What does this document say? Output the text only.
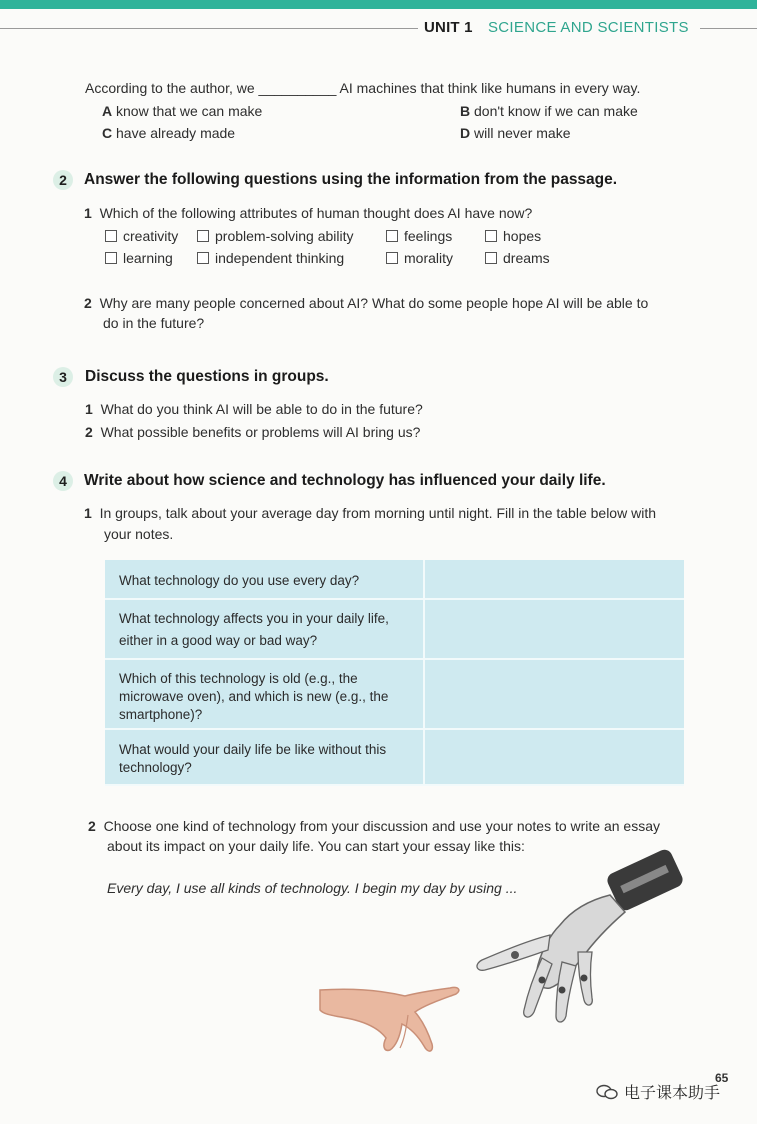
UNIT 1 SCIENCE AND SCIENTISTS
According to the author, we __________ AI machines that think like humans in every way.
A know that we can make	B don't know if we can make
C have already made	D will never make
2	Answer the following questions using the information from the passage.
1 Which of the following attributes of human thought does AI have now?
creativity	problem-solving ability	feelings	hopes
learning	independent thinking	morality	dreams
2 Why are many people concerned about AI? What do some people hope AI will be able to
do in the future?
3	Discuss the questions in groups.
1 What do you think AI will be able to do in the future?
2 What possible benefits or problems will AI bring us?
4	Write about how science and technology has influenced your daily life.
1 In groups, talk about your average day from morning until night. Fill in the table below with
your notes.
What technology do you use every day?
What technology affects you in your daily life,
either in a good way or bad way?
Which of this technology is old (e.g., the
microwave oven), and which is new (e.g., the
smartphone)?
What would your daily life be like without this
technology?
2 Choose one kind of technology from your discussion and use your notes to write an essay
about its impact on your daily life. You can start your essay like this:
Every day, I use all kinds of technology. I begin my day by using ...
65
电子课本助手
